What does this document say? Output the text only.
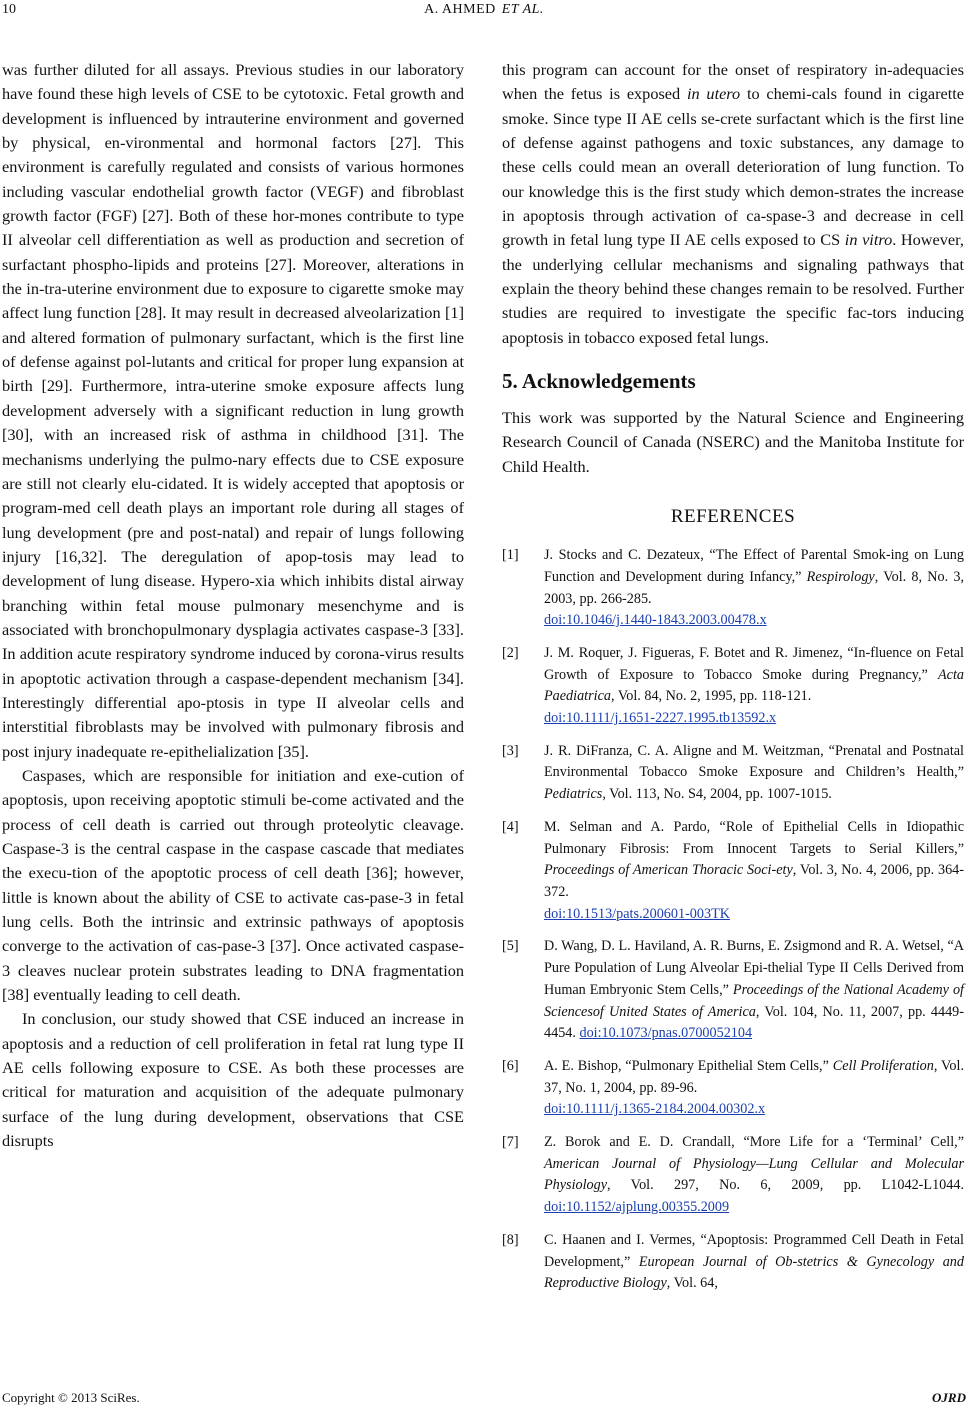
10	A. AHMED ET AL.

was further diluted for all assays. Previous studies in our laboratory have found these high levels of CSE to be cytotoxic. Fetal growth and development is influenced by intrauterine environment and governed by physical, en-vironmental and hormonal factors [27]. This environment is carefully regulated and consists of various hormones including vascular endothelial growth factor (VEGF) and fibroblast growth factor (FGF) [27]. Both of these hor-mones contribute to type II alveolar cell differentiation as well as production and secretion of surfactant phospho-lipids and proteins [27]. Moreover, alterations in the in-tra-uterine environment due to exposure to cigarette smoke may affect lung function [28]. It may result in decreased alveolarization [1] and altered formation of pulmonary surfactant, which is the first line of defense against pol-lutants and critical for proper lung expansion at birth [29]. Furthermore, intra-uterine smoke exposure affects lung development adversely with a significant reduction in lung growth [30], with an increased risk of asthma in childhood [31]. The mechanisms underlying the pulmo-nary effects due to CSE exposure are still not clearly elu-cidated. It is widely accepted that apoptosis or program-med cell death plays an important role during all stages of lung development (pre and post-natal) and repair of lungs following injury [16,32]. The deregulation of apop-tosis may lead to development of lung disease. Hypero-xia which inhibits distal airway branching within fetal mouse pulmonary mesenchyme and is associated with bronchopulmonary dysplagia activates caspase-3 [33]. In addition acute respiratory syndrome induced by corona-virus results in apoptotic activation through a caspase-dependent mechanism [34]. Interestingly differential apo-ptosis in type II alveolar cells and interstitial fibroblasts may be involved with pulmonary fibrosis and post injury inadequate re-epithelialization [35].

Caspases, which are responsible for initiation and exe-cution of apoptosis, upon receiving apoptotic stimuli be-come activated and the process of cell death is carried out through proteolytic cleavage. Caspase-3 is the central caspase in the caspase cascade that mediates the execu-tion of the apoptotic process of cell death [36]; however, little is known about the ability of CSE to activate cas-pase-3 in fetal lung cells. Both the intrinsic and extrinsic pathways of apoptosis converge to the activation of cas-pase-3 [37]. Once activated caspase-3 cleaves nuclear protein substrates leading to DNA fragmentation [38] eventually leading to cell death.

In conclusion, our study showed that CSE induced an increase in apoptosis and a reduction of cell proliferation in fetal rat lung type II AE cells following exposure to CSE. As both these processes are critical for maturation and acquisition of the adequate pulmonary surface of the lung during development, observations that CSE disrupts

this program can account for the onset of respiratory in-adequacies when the fetus is exposed in utero to chemi-cals found in cigarette smoke. Since type II AE cells se-crete surfactant which is the first line of defense against pathogens and toxic substances, any damage to these cells could mean an overall deterioration of lung function. To our knowledge this is the first study which demon-strates the increase in apoptosis through activation of ca-spase-3 and decrease in cell growth in fetal lung type II AE cells exposed to CS in vitro. However, the underlying cellular mechanisms and signaling pathways that explain the theory behind these changes remain to be resolved. Further studies are required to investigate the specific fac-tors inducing apoptosis in tobacco exposed fetal lungs.

5. Acknowledgements

This work was supported by the Natural Science and Engineering Research Council of Canada (NSERC) and the Manitoba Institute for Child Health.

REFERENCES
[1] J. Stocks and C. Dezateux, “The Effect of Parental Smok-ing on Lung Function and Development during Infancy,” Respirology, Vol. 8, No. 3, 2003, pp. 266-285.
doi:10.1046/j.1440-1843.2003.00478.x
[2] J. M. Roquer, J. Figueras, F. Botet and R. Jimenez, “In-fluence on Fetal Growth of Exposure to Tobacco Smoke during Pregnancy,” Acta Paediatrica, Vol. 84, No. 2, 1995, pp. 118-121.
doi:10.1111/j.1651-2227.1995.tb13592.x
[3] J. R. DiFranza, C. A. Aligne and M. Weitzman, “Prenatal and Postnatal Environmental Tobacco Smoke Exposure and Children’s Health,” Pediatrics, Vol. 113, No. S4, 2004, pp. 1007-1015.
[4] M. Selman and A. Pardo, “Role of Epithelial Cells in Idiopathic Pulmonary Fibrosis: From Innocent Targets to Serial Killers,” Proceedings of American Thoracic Soci-ety, Vol. 3, No. 4, 2006, pp. 364-372.
doi:10.1513/pats.200601-003TK
[5] D. Wang, D. L. Haviland, A. R. Burns, E. Zsigmond and R. A. Wetsel, “A Pure Population of Lung Alveolar Epi-thelial Type II Cells Derived from Human Embryonic Stem Cells,” Proceedings of the National Academy of Sciencesof United States of America, Vol. 104, No. 11, 2007, pp. 4449-4454. doi:10.1073/pnas.0700052104
[6] A. E. Bishop, “Pulmonary Epithelial Stem Cells,” Cell Proliferation, Vol. 37, No. 1, 2004, pp. 89-96.
doi:10.1111/j.1365-2184.2004.00302.x
[7] Z. Borok and E. D. Crandall, “More Life for a ‘Terminal’ Cell,” American Journal of Physiology—Lung Cellular and Molecular Physiology, Vol. 297, No. 6, 2009, pp. L1042-L1044. doi:10.1152/ajplung.00355.2009
[8] C. Haanen and I. Vermes, “Apoptosis: Programmed Cell Death in Fetal Development,” European Journal of Ob-stetrics & Gynecology and Reproductive Biology, Vol. 64,
Copyright © 2013 SciRes.	OJRD
